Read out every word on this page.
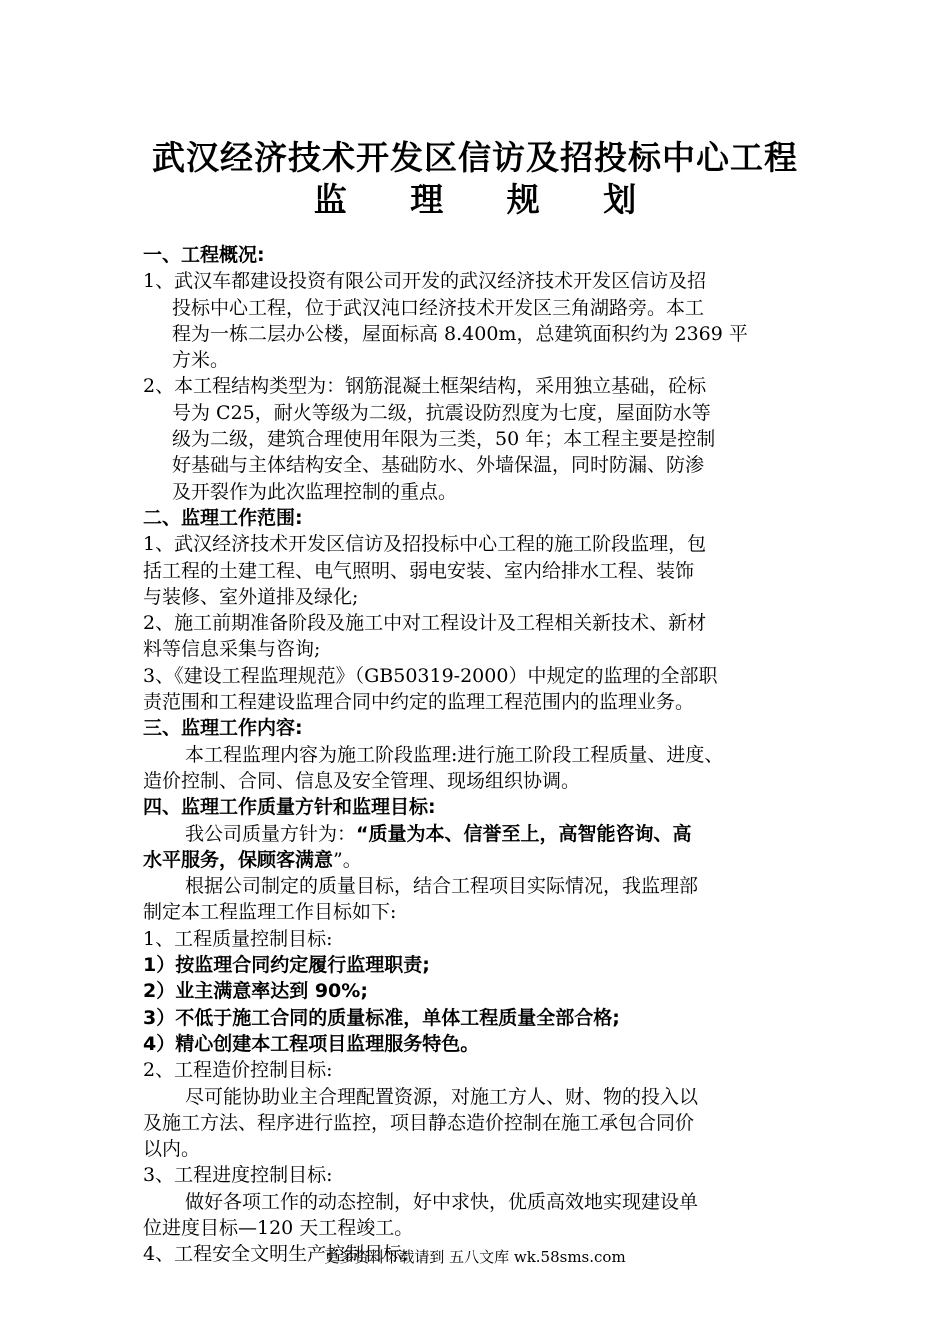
武汉经济技术开发区信访及招投标中心工程
监 理 规 划
一、工程概况:
1、武汉车都建设投资有限公司开发的武汉经济技术开发区信访及招
投标中心工程，位于武汉沌口经济技术开发区三角湖路旁。本工
程为一栋二层办公楼，屋面标高 8.400m，总建筑面积约为 2369 平
方米。
2、本工程结构类型为：钢筋混凝土框架结构，采用独立基础，砼标
号为 C25，耐火等级为二级，抗震设防烈度为七度，屋面防水等
级为二级，建筑合理使用年限为三类，50 年；本工程主要是控制
好基础与主体结构安全、基础防水、外墙保温，同时防漏、防渗
及开裂作为此次监理控制的重点。
二、监理工作范围:
1、武汉经济技术开发区信访及招投标中心工程的施工阶段监理，包
括工程的土建工程、电气照明、弱电安装、室内给排水工程、装饰
与装修、室外道排及绿化;
2、施工前期准备阶段及施工中对工程设计及工程相关新技术、新材
料等信息采集与咨询;
3、《建设工程监理规范》（GB50319-2000）中规定的监理的全部职
责范围和工程建设监理合同中约定的监理工程范围内的监理业务。
三、监理工作内容:
本工程监理内容为施工阶段监理:进行施工阶段工程质量、进度、
造价控制、合同、信息及安全管理、现场组织协调。
四、监理工作质量方针和监理目标:
我公司质量方针为：“质量为本、信誉至上，高智能咨询、高
水平服务，保顾客满意”。
根据公司制定的质量目标，结合工程项目实际情况，我监理部
制定本工程监理工作目标如下:
1、工程质量控制目标:
1）按监理合同约定履行监理职责;
2）业主满意率达到 90%;
3）不低于施工合同的质量标准，单体工程质量全部合格;
4）精心创建本工程项目监理服务特色。
2、工程造价控制目标:
尽可能协助业主合理配置资源，对施工方人、财、物的投入以
及施工方法、程序进行监控，项目静态造价控制在施工承包合同价
以内。
3、工程进度控制目标:
做好各项工作的动态控制，好中求快，优质高效地实现建设单
位进度目标—120 天工程竣工。
4、工程安全文明生产控制目标:
更多资料下载请到 五八文库 wk.58sms.com
